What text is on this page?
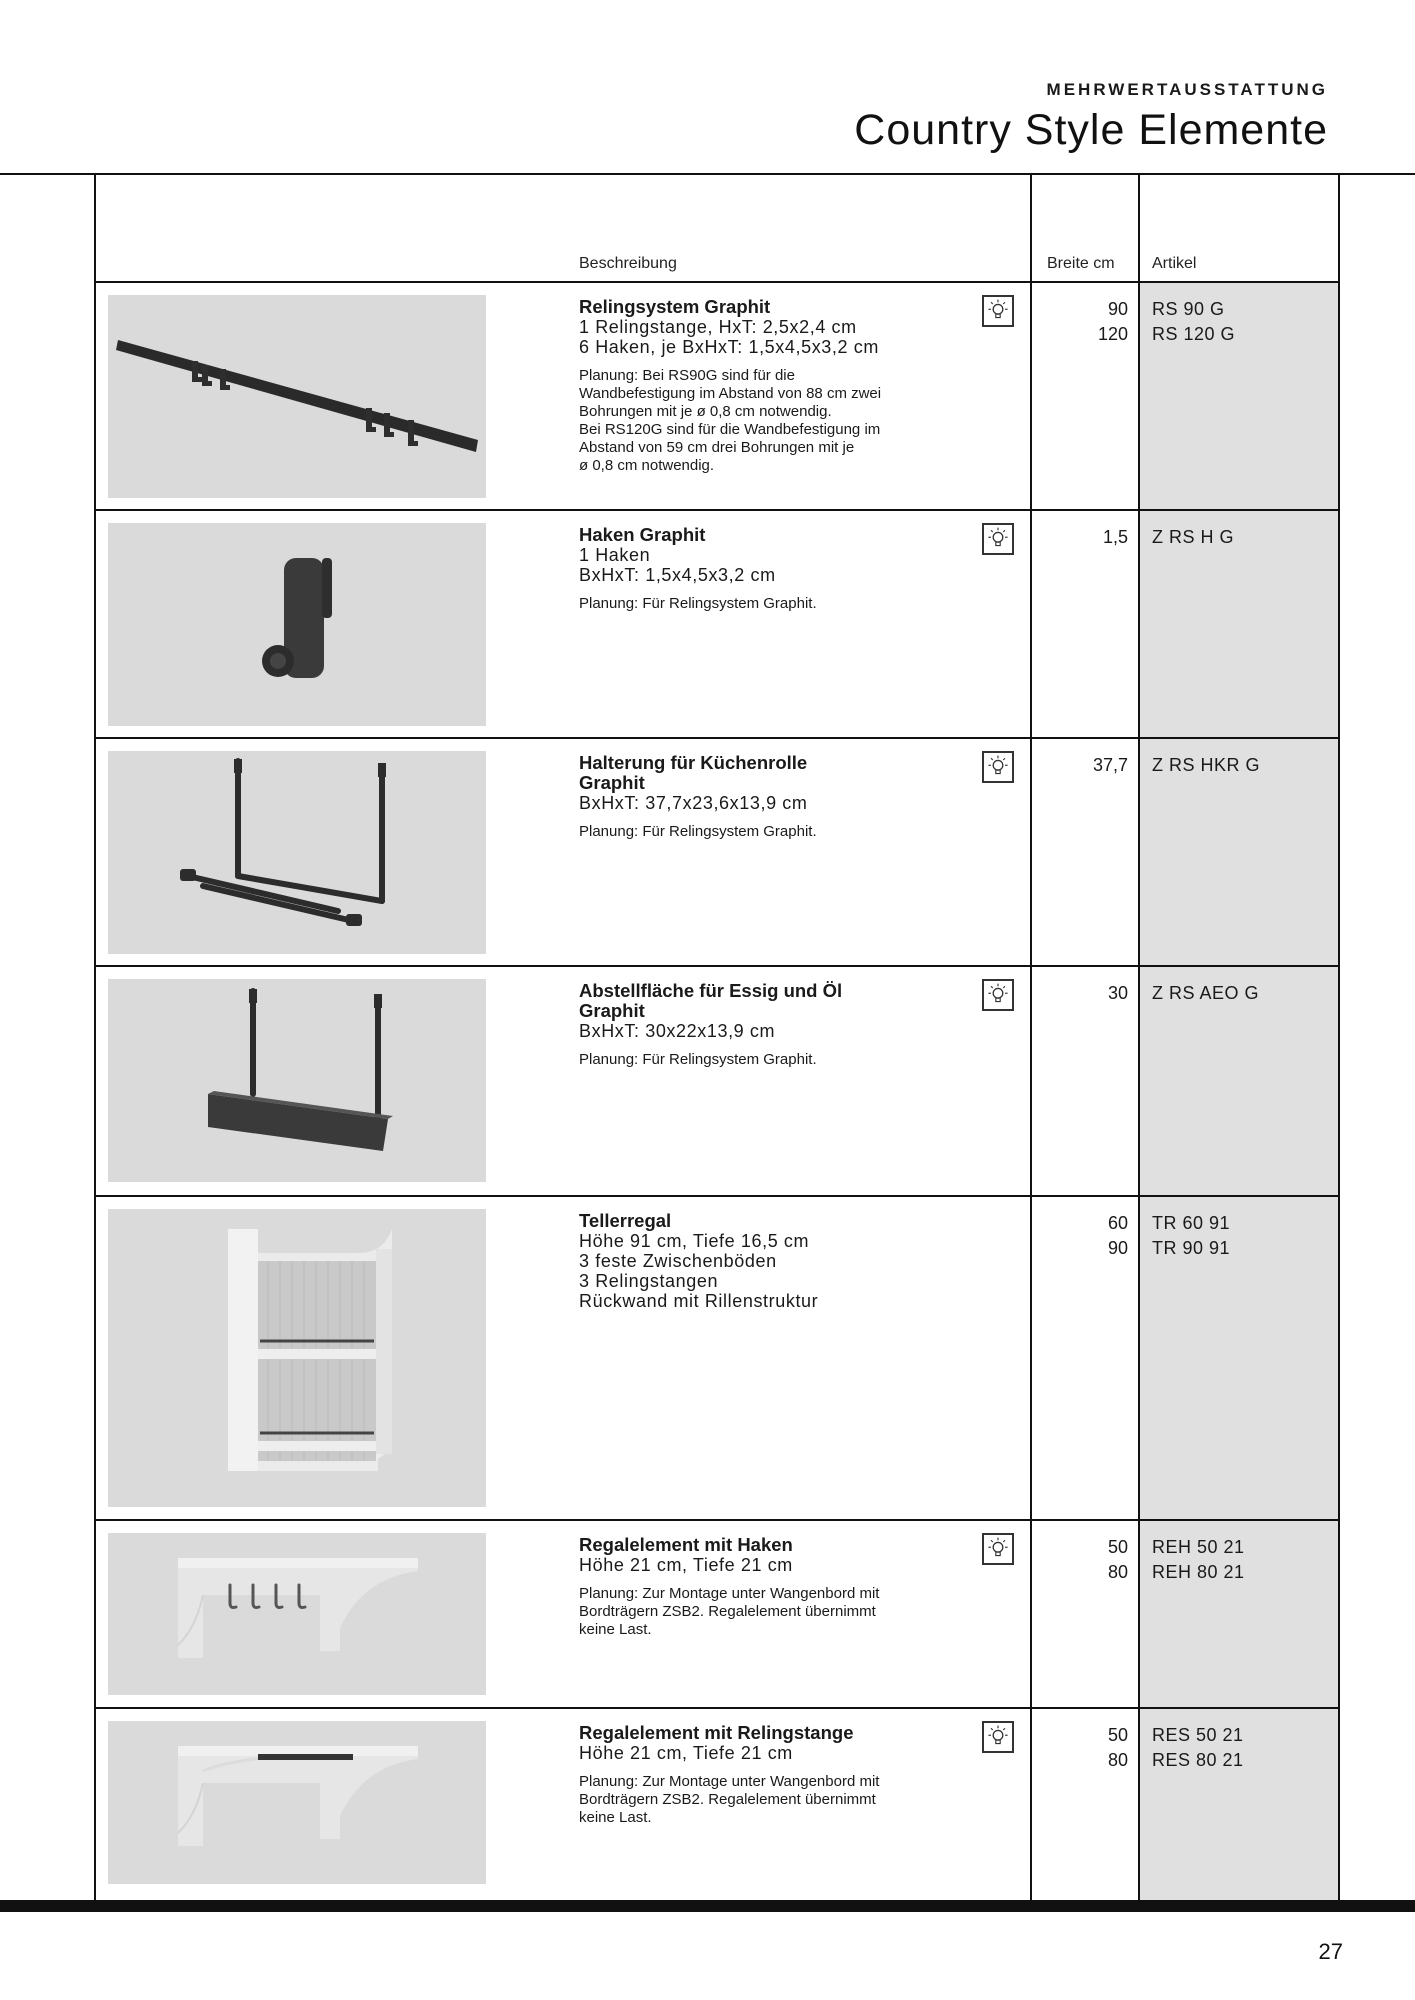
MEHRWERTAUSSTATTUNG
Country Style Elemente
Beschreibung	Breite cm Artikel

Relingsystem Graphit

1 Relingstange, HxT: 2,5x2,4 cm

6 Haken, je BxHxT: 1,5x4,5x3,2 cm

Planung: Bei RS90G sind für die

Wandbefestigung im Abstand von 88 cm zwei

Bohrungen mit je ø 0,8 cm notwendig.

Bei RS120G sind für die Wandbefestigung im

Abstand von 59 cm drei Bohrungen mit je

ø 0,8 cm notwendig.

90
120
RS 90 G
RS 120 G

Haken Graphit

1 Haken

BxHxT: 1,5x4,5x3,2 cm

Planung: Für Relingsystem Graphit.

1,5 Z RS H G

Halterung für Küchenrolle Graphit

BxHxT: 37,7x23,6x13,9 cm

Planung: Für Relingsystem Graphit.

37,7 Z RS HKR G

Abstellfläche für Essig und Öl Graphit

BxHxT: 30x22x13,9 cm

Planung: Für Relingsystem Graphit.

30 Z RS AEO G

Tellerregal

Höhe 91 cm, Tiefe 16,5 cm

3 feste Zwischenböden

3 Relingstangen

Rückwand mit Rillenstruktur

60
90
TR 60 91
TR 90 91

Regalelement mit Haken

Höhe 21 cm, Tiefe 21 cm

Planung: Zur Montage unter Wangenbord mit

Bordträgern ZSB2. Regalelement übernimmt

keine Last.

50
80
REH 50 21
REH 80 21

Regalelement mit Relingstange

Höhe 21 cm, Tiefe 21 cm

Planung: Zur Montage unter Wangenbord mit

Bordträgern ZSB2. Regalelement übernimmt

keine Last.

50
80
RES 50 21
RES 80 21
27
